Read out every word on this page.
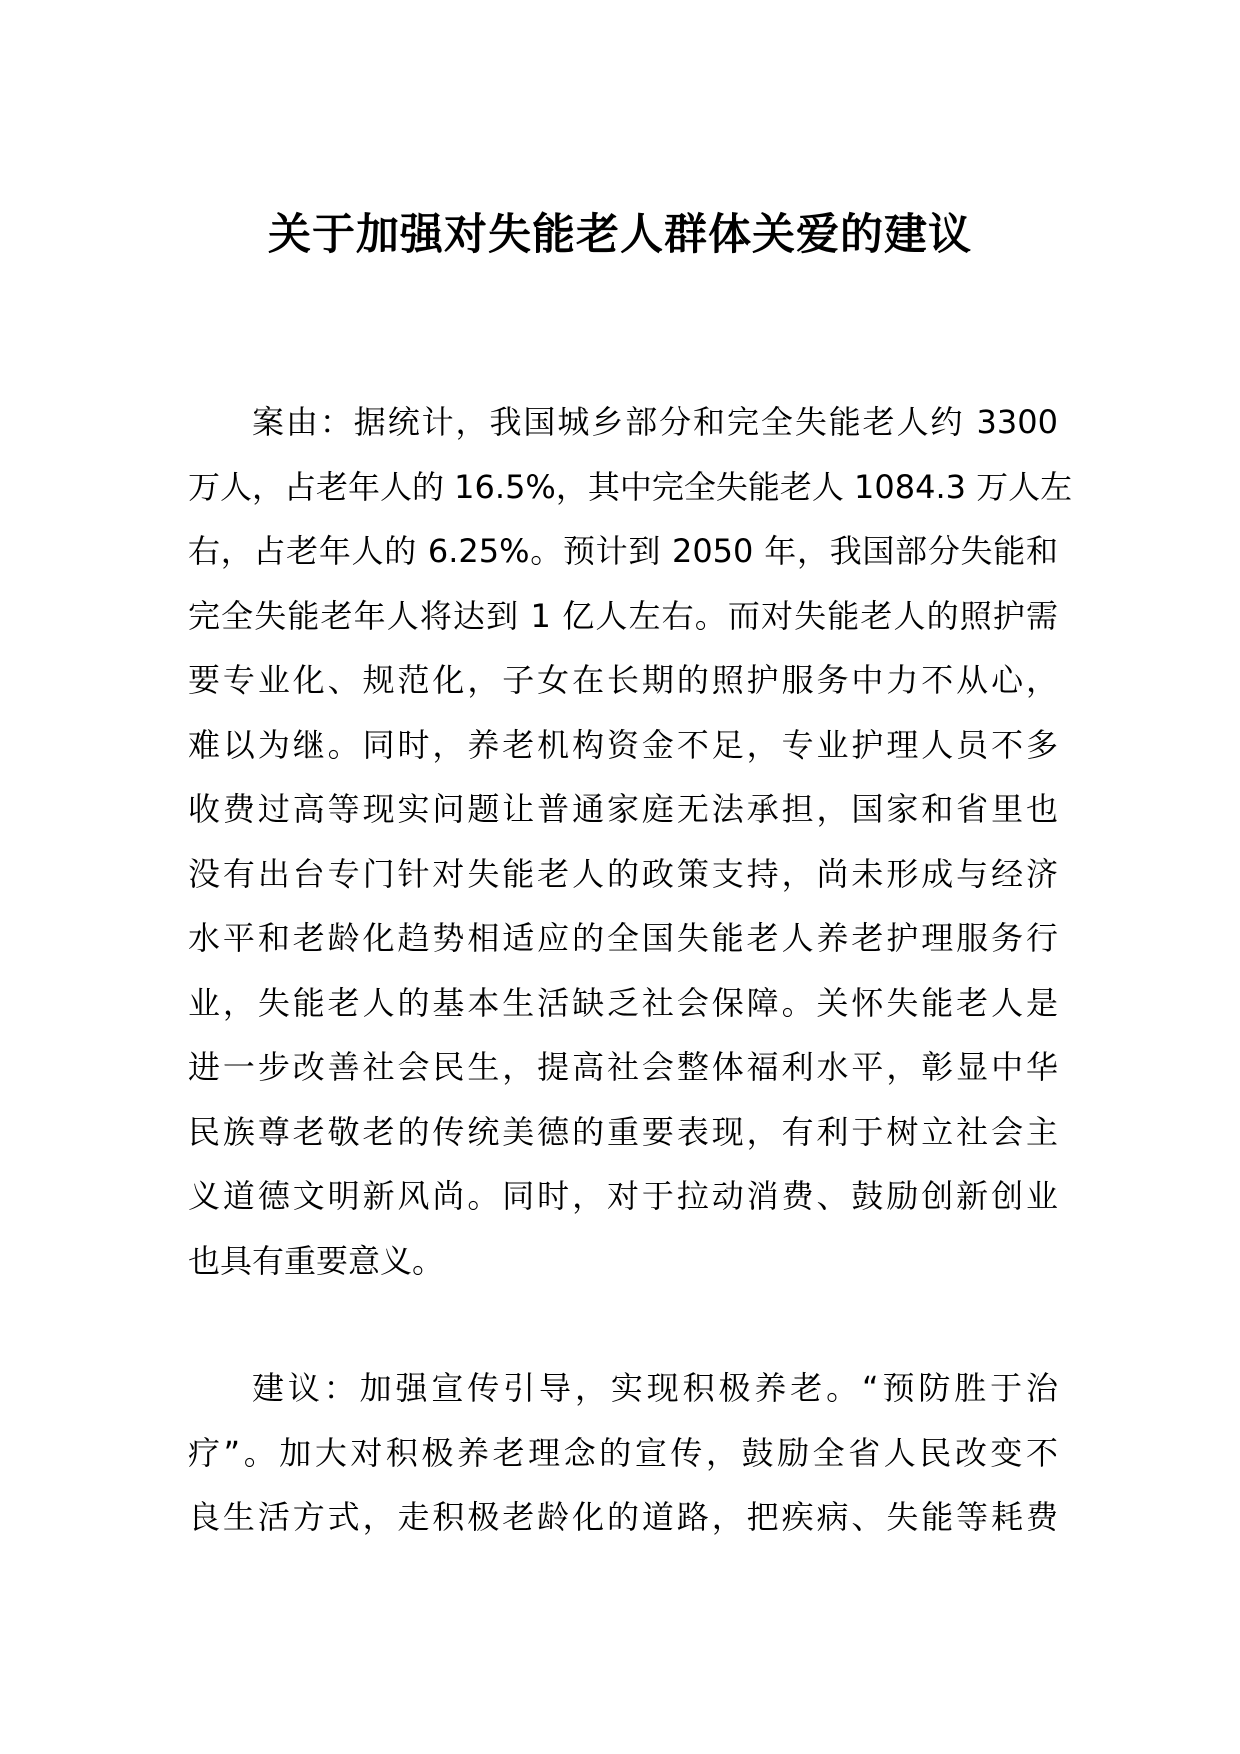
关于加强对失能老人群体关爱的建议
案由：据统计，我国城乡部分和完全失能老人约 3300
万人，占老年人的 16.5%，其中完全失能老人 1084.3 万人左
右，占老年人的 6.25%。预计到 2050 年，我国部分失能和
完全失能老年人将达到 1 亿人左右。而对失能老人的照护需
要专业化、规范化，子女在长期的照护服务中力不从心，
难以为继。同时，养老机构资金不足，专业护理人员不多
收费过高等现实问题让普通家庭无法承担，国家和省里也
没有出台专门针对失能老人的政策支持，尚未形成与经济
水平和老龄化趋势相适应的全国失能老人养老护理服务行
业，失能老人的基本生活缺乏社会保障。关怀失能老人是
进一步改善社会民生，提高社会整体福利水平，彰显中华
民族尊老敬老的传统美德的重要表现，有利于树立社会主
义道德文明新风尚。同时，对于拉动消费、鼓励创新创业
也具有重要意义。
建议：加强宣传引导，实现积极养老。“预防胜于治
疗”。加大对积极养老理念的宣传，鼓励全省人民改变不
良生活方式，走积极老龄化的道路，把疾病、失能等耗费
